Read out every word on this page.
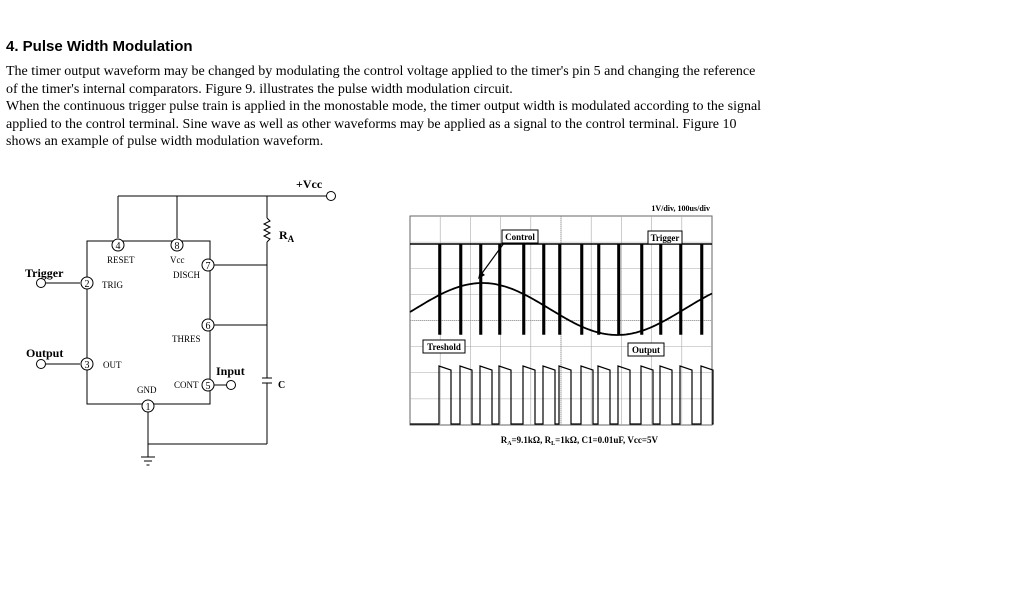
4. Pulse Width Modulation

The timer output waveform may be changed by modulating the control voltage applied to the timer's pin 5 and changing the reference of the timer's internal comparators. Figure 9. illustrates the pulse width modulation circuit.

When the continuous trigger pulse train is applied in the monostable mode, the timer output width is modulated according to the signal applied to the control terminal. Sine wave as well as other waveforms may be applied as a signal to the control terminal. Figure 10 shows an example of pulse width modulation waveform.

4	8
7
2
6
3
5
1
RESET	Vcc
DISCH
TRIG
THRES
OUT
CONT
GND
+Vcc
Trigger
Output
Input
$R_A$
C
1V/div, 100us/div
Control	Trigger
Treshold	Output
$R_A=9.1k\Omega$, $R_L=1k\Omega$, C1=0.01uF, Vcc=5V
